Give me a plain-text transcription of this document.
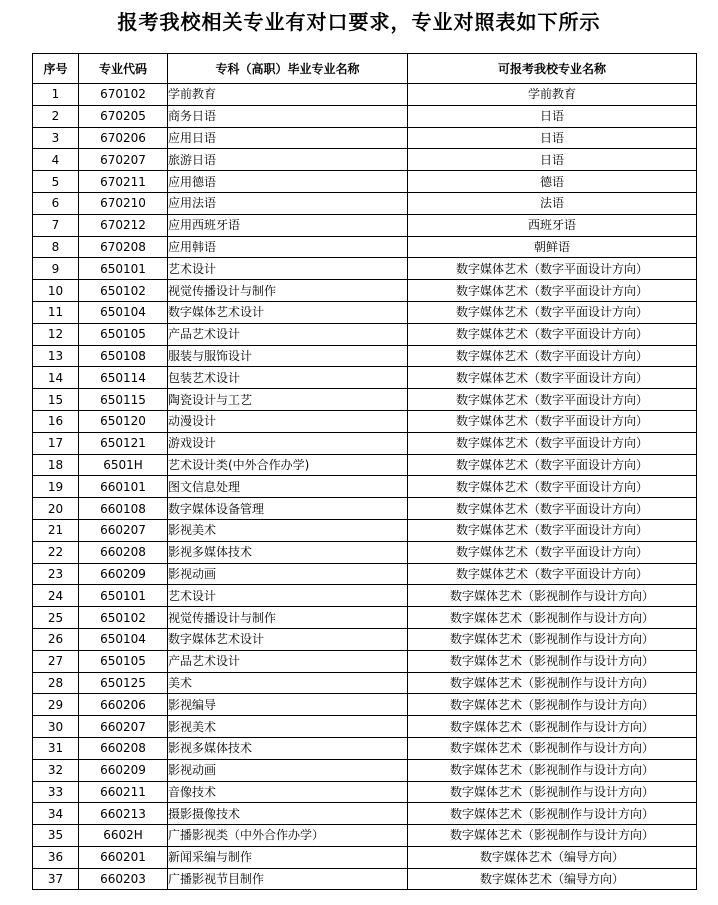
报考我校相关专业有对口要求，专业对照表如下所示
序号	专业代码	专科（高职）毕业专业名称	可报考我校专业名称
1	670102	学前教育	学前教育
2	670205	商务日语	日语
3	670206	应用日语	日语
4	670207	旅游日语	日语
5	670211	应用德语	德语
6	670210	应用法语	法语
7	670212	应用西班牙语	西班牙语
8	670208	应用韩语	朝鲜语
9	650101	艺术设计	数字媒体艺术（数字平面设计方向）
10	650102	视觉传播设计与制作	数字媒体艺术（数字平面设计方向）
11	650104	数字媒体艺术设计	数字媒体艺术（数字平面设计方向）
12	650105	产品艺术设计	数字媒体艺术（数字平面设计方向）
13	650108	服装与服饰设计	数字媒体艺术（数字平面设计方向）
14	650114	包装艺术设计	数字媒体艺术（数字平面设计方向）
15	650115	陶瓷设计与工艺	数字媒体艺术（数字平面设计方向）
16	650120	动漫设计	数字媒体艺术（数字平面设计方向）
17	650121	游戏设计	数字媒体艺术（数字平面设计方向）
18	6501H	艺术设计类(中外合作办学)	数字媒体艺术（数字平面设计方向）
19	660101	图文信息处理	数字媒体艺术（数字平面设计方向）
20	660108	数字媒体设备管理	数字媒体艺术（数字平面设计方向）
21	660207	影视美术	数字媒体艺术（数字平面设计方向）
22	660208	影视多媒体技术	数字媒体艺术（数字平面设计方向）
23	660209	影视动画	数字媒体艺术（数字平面设计方向）
24	650101	艺术设计	数字媒体艺术（影视制作与设计方向）
25	650102	视觉传播设计与制作	数字媒体艺术（影视制作与设计方向）
26	650104	数字媒体艺术设计	数字媒体艺术（影视制作与设计方向）
27	650105	产品艺术设计	数字媒体艺术（影视制作与设计方向）
28	650125	美术	数字媒体艺术（影视制作与设计方向）
29	660206	影视编导	数字媒体艺术（影视制作与设计方向）
30	660207	影视美术	数字媒体艺术（影视制作与设计方向）
31	660208	影视多媒体技术	数字媒体艺术（影视制作与设计方向）
32	660209	影视动画	数字媒体艺术（影视制作与设计方向）
33	660211	音像技术	数字媒体艺术（影视制作与设计方向）
34	660213	摄影摄像技术	数字媒体艺术（影视制作与设计方向）
35	6602H	广播影视类（中外合作办学）	数字媒体艺术（影视制作与设计方向）
36	660201	新闻采编与制作	数字媒体艺术（编导方向）
37	660203	广播影视节目制作	数字媒体艺术（编导方向）
